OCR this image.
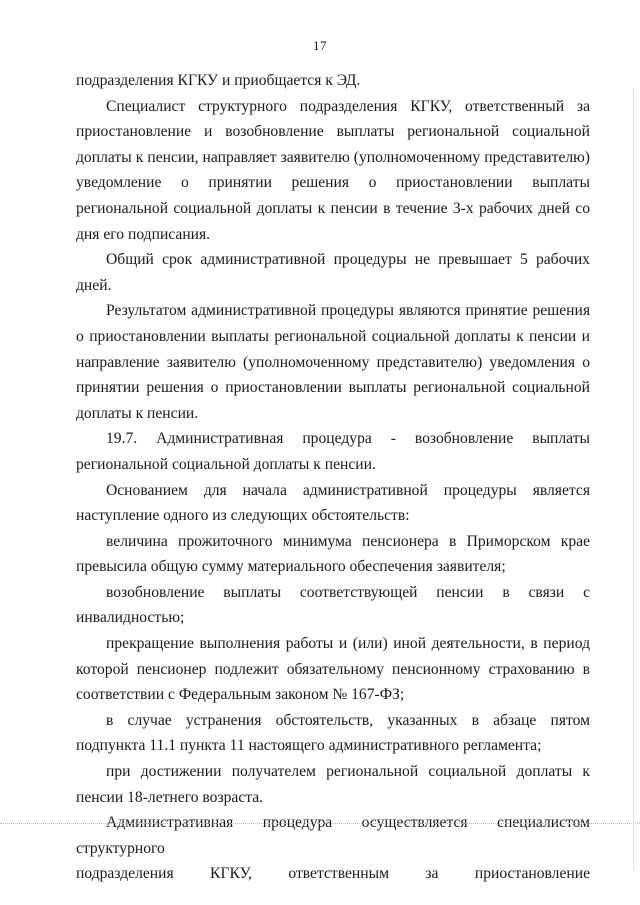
17

подразделения КГКУ и приобщается к ЭД.

Специалист структурного подразделения КГКУ, ответственный за приостановление и возобновление выплаты региональной социальной доплаты к пенсии, направляет заявителю (уполномоченному представителю) уведомление о принятии решения о приостановлении выплаты региональной социальной доплаты к пенсии в течение 3-х рабочих дней со дня его подписания.

Общий срок административной процедуры не превышает 5 рабочих дней.

Результатом административной процедуры являются принятие решения о приостановлении выплаты региональной социальной доплаты к пенсии и направление заявителю (уполномоченному представителю) уведомления о принятии решения о приостановлении выплаты региональной социальной доплаты к пенсии.

19.7. Административная процедура - возобновление выплаты региональной социальной доплаты к пенсии.

Основанием для начала административной процедуры является наступление одного из следующих обстоятельств:

величина прожиточного минимума пенсионера в Приморском крае превысила общую сумму материального обеспечения заявителя;

возобновление выплаты соответствующей пенсии в связи с инвалидностью;

прекращение выполнения работы и (или) иной деятельности, в период которой пенсионер подлежит обязательному пенсионному страхованию в соответствии с Федеральным законом № 167-ФЗ;

в случае устранения обстоятельств, указанных в абзаце пятом подпункта 11.1 пункта 11 настоящего административного регламента;

при достижении получателем региональной социальной доплаты к пенсии 18-летнего возраста.

Административная процедура осуществляется специалистом структурного

подразделения КГКУ, ответственным за приостановление
